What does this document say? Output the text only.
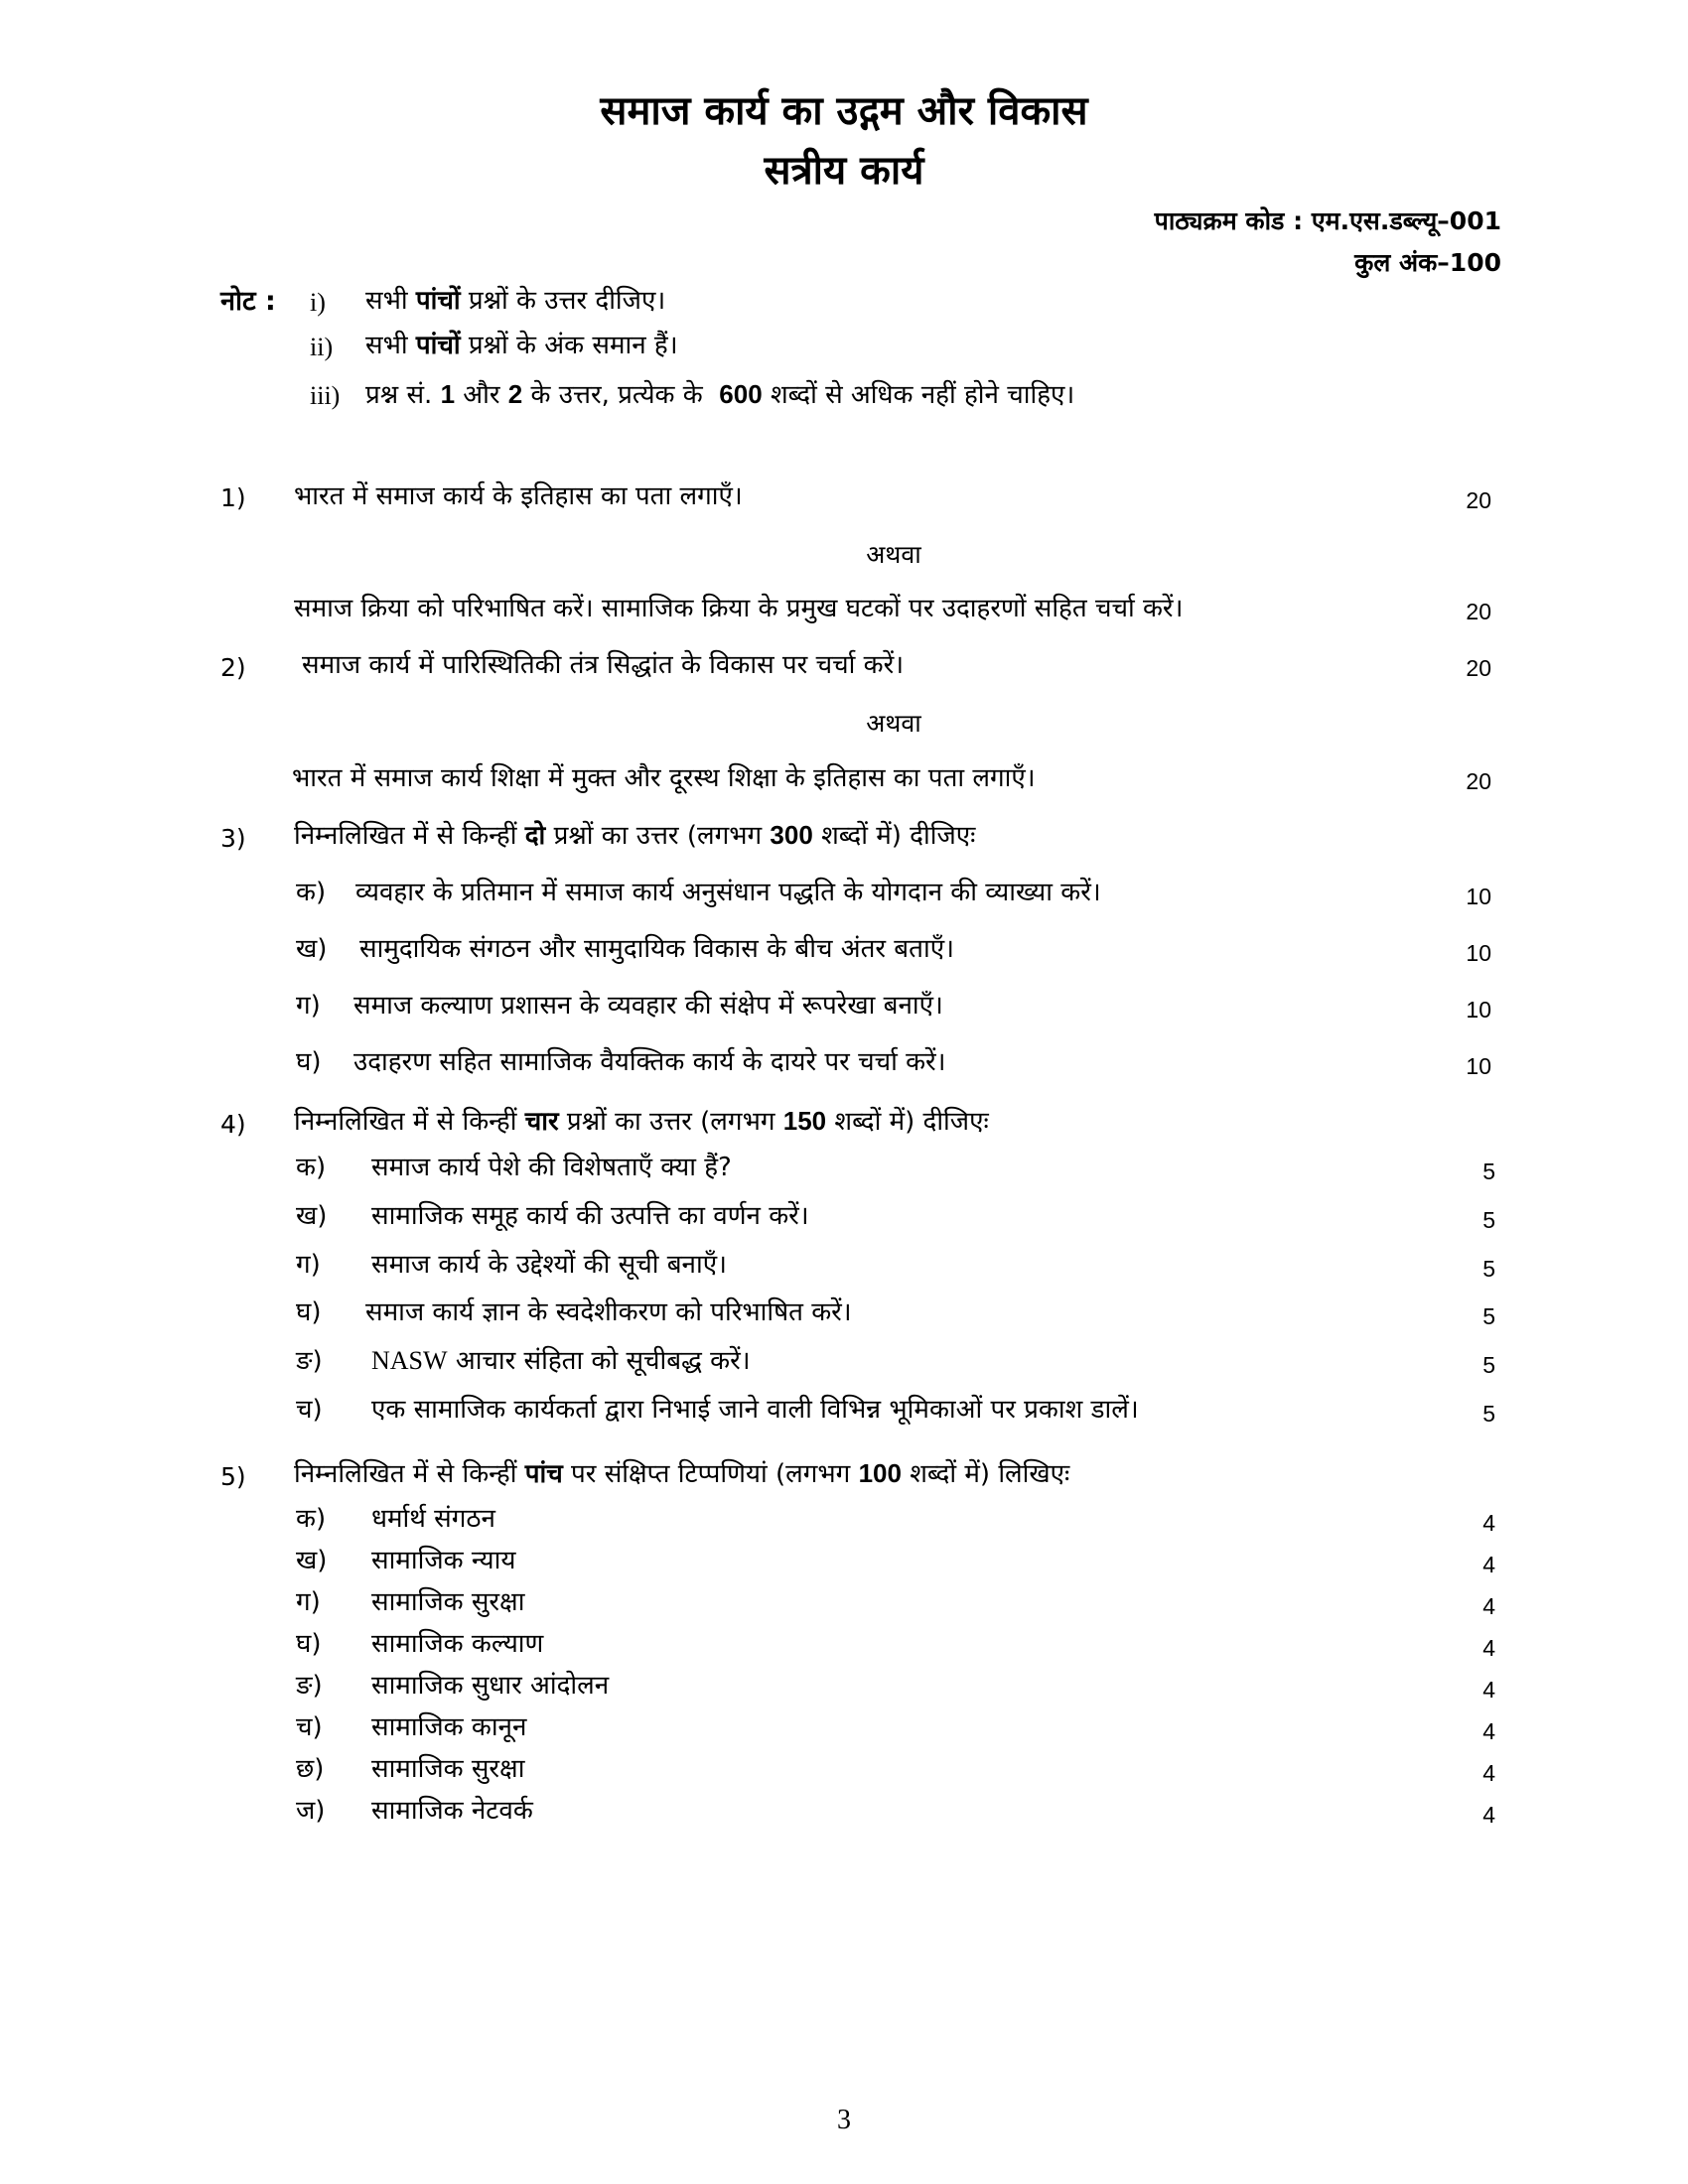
समाज कार्य का उद्गम और विकास
सत्रीय कार्य
पाठ्यक्रम कोड : एम.एस.डब्ल्यू–001
कुल अंक–100
नोट : i) सभी पांचों प्रश्नों के उत्तर दीजिए।
ii) सभी पांचों प्रश्नों के अंक समान हैं।
iii) प्रश्न सं. 1 और 2 के उत्तर, प्रत्येक के 600 शब्दों से अधिक नहीं होने चाहिए।
1) भारत में समाज कार्य के इतिहास का पता लगाएँ।	20
अथवा
समाज क्रिया को परिभाषित करें। सामाजिक क्रिया के प्रमुख घटकों पर उदाहरणों सहित चर्चा करें।	20
2) समाज कार्य में पारिस्थितिकी तंत्र सिद्धांत के विकास पर चर्चा करें।	20
अथवा
भारत में समाज कार्य शिक्षा में मुक्त और दूरस्थ शिक्षा के इतिहास का पता लगाएँ।	20
3) निम्नलिखित में से किन्हीं दो प्रश्नों का उत्तर (लगभग 300 शब्दों में) दीजिएः
क) व्यवहार के प्रतिमान में समाज कार्य अनुसंधान पद्धति के योगदान की व्याख्या करें।	10
ख) सामुदायिक संगठन और सामुदायिक विकास के बीच अंतर बताएँ।	10
ग) समाज कल्याण प्रशासन के व्यवहार की संक्षेप में रूपरेखा बनाएँ।	10
घ) उदाहरण सहित सामाजिक वैयक्तिक कार्य के दायरे पर चर्चा करें।	10
4) निम्नलिखित में से किन्हीं चार प्रश्नों का उत्तर (लगभग 150 शब्दों में) दीजिएः
क) समाज कार्य पेशे की विशेषताएँ क्या हैं?	5
ख) सामाजिक समूह कार्य की उत्पत्ति का वर्णन करें।	5
ग) समाज कार्य के उद्देश्यों की सूची बनाएँ।	5
घ) समाज कार्य ज्ञान के स्वदेशीकरण को परिभाषित करें।	5
ङ) NASW आचार संहिता को सूचीबद्ध करें।	5
च) एक सामाजिक कार्यकर्ता द्वारा निभाई जाने वाली विभिन्न भूमिकाओं पर प्रकाश डालें।	5
5) निम्नलिखित में से किन्हीं पांच पर संक्षिप्त टिप्पणियां (लगभग 100 शब्दों में) लिखिएः
क) धर्मार्थ संगठन	4
ख) सामाजिक न्याय	4
ग) सामाजिक सुरक्षा	4
घ) सामाजिक कल्याण	4
ङ) सामाजिक सुधार आंदोलन	4
च) सामाजिक कानून	4
छ) सामाजिक सुरक्षा	4
ज) सामाजिक नेटवर्क	4
3
